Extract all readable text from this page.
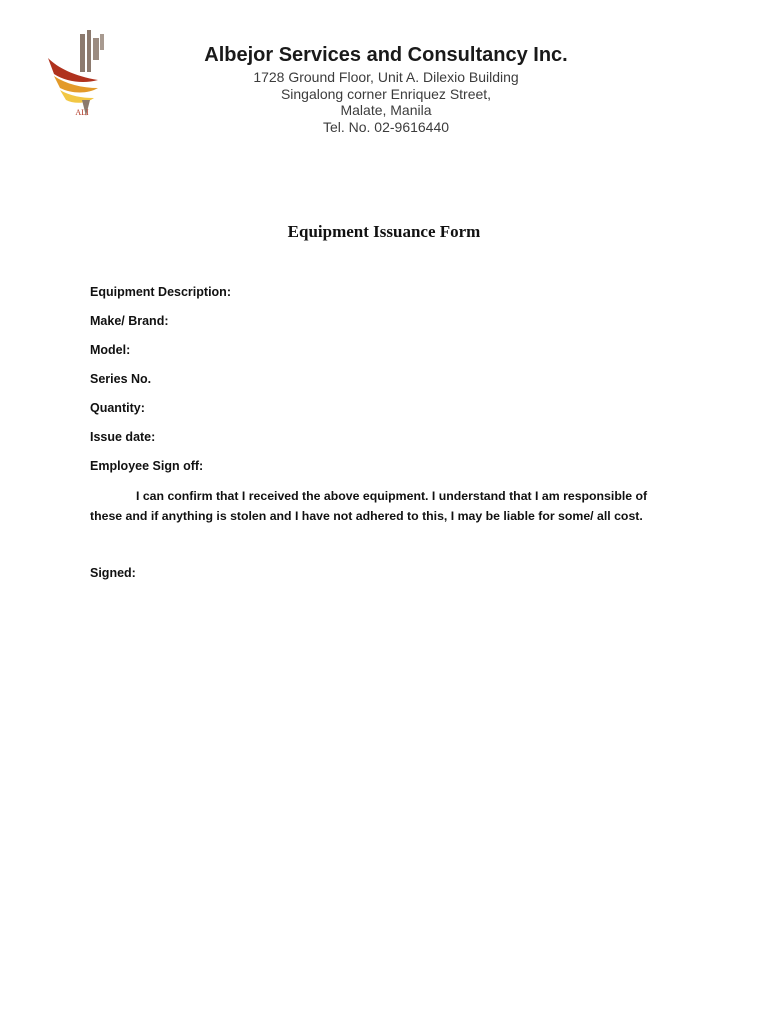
ALI
Albejor Services and Consultancy Inc.
1728 Ground Floor, Unit A. Dilexio Building
Singalong corner Enriquez Street,
Malate, Manila
Tel. No. 02-9616440
Equipment Issuance Form
Equipment Description:
Make/ Brand:
Model:
Series No.
Quantity:
Issue date:
Employee Sign off:
I can confirm that I received the above equipment. I understand that I am responsible of these and if anything is stolen and I have not adhered to this, I may be liable for some/ all cost.
Signed:
